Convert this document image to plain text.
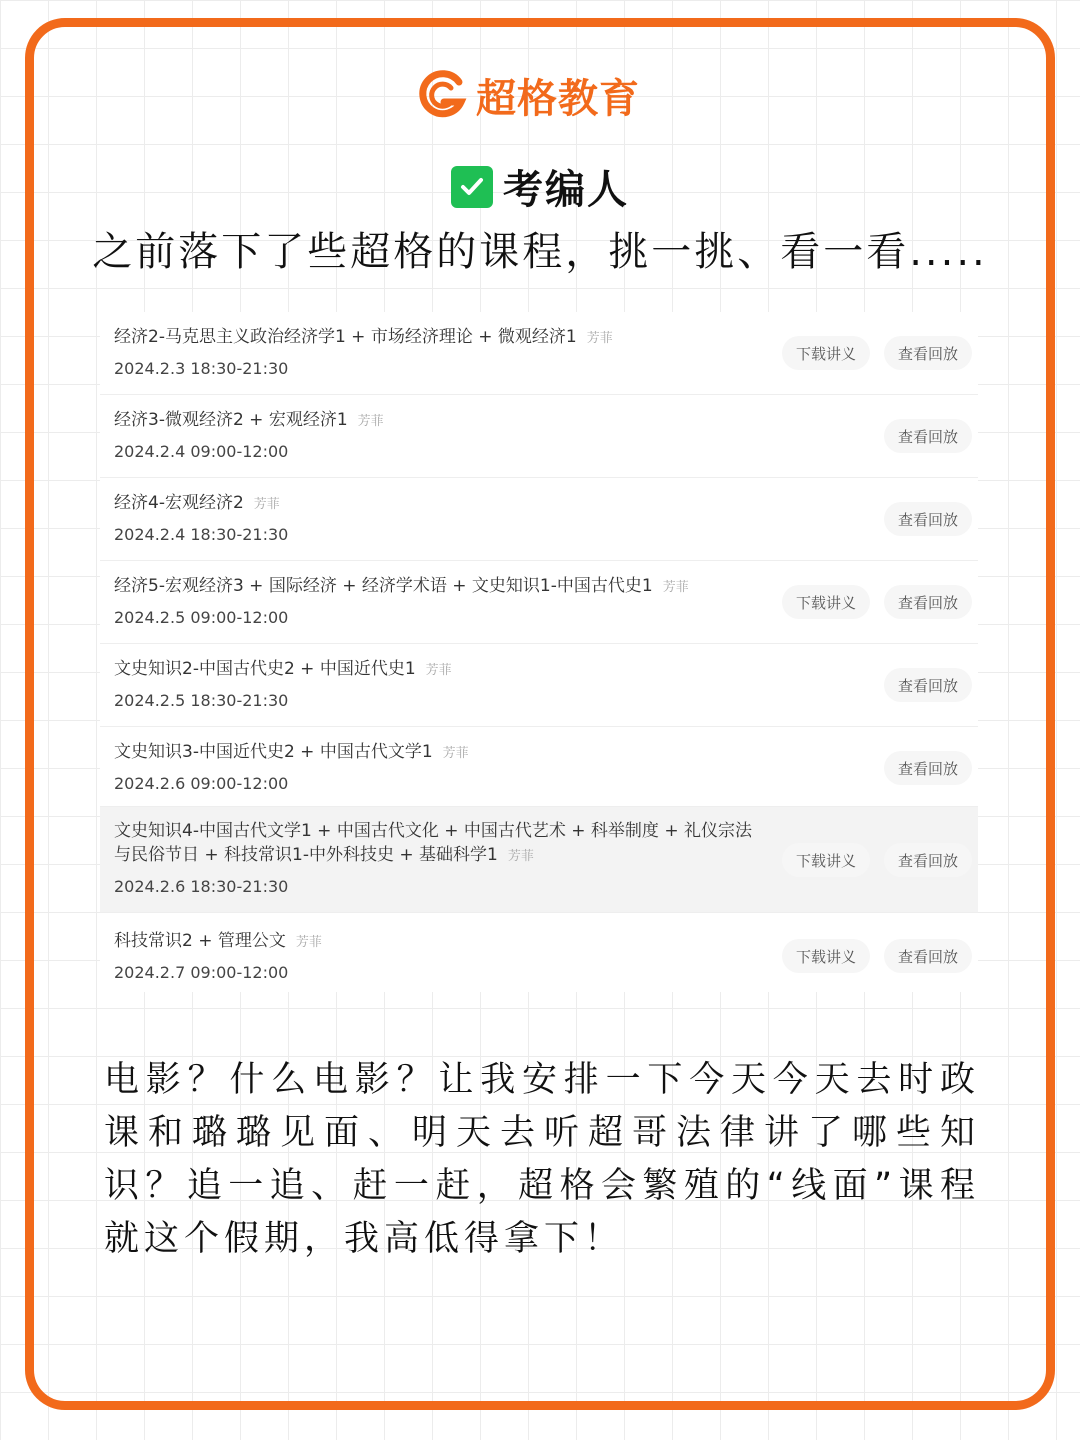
超格教育
考编人
之前落下了些超格的课程，挑一挑、看一看.....
经济2-马克思主义政治经济学1 + 市场经济理论 + 微观经济1 芳菲
2024.2.3 18:30-21:30
下载讲义	查看回放
经济3-微观经济2 + 宏观经济1 芳菲
2024.2.4 09:00-12:00
查看回放
经济4-宏观经济2 芳菲
2024.2.4 18:30-21:30
查看回放
经济5-宏观经济3 + 国际经济 + 经济学术语 + 文史知识1-中国古代史1 芳菲
2024.2.5 09:00-12:00
下载讲义	查看回放
文史知识2-中国古代史2 + 中国近代史1 芳菲
2024.2.5 18:30-21:30
查看回放
文史知识3-中国近代史2 + 中国古代文学1 芳菲
2024.2.6 09:00-12:00
查看回放
文史知识4-中国古代文学1 + 中国古代文化 + 中国古代艺术 + 科举制度 + 礼仪宗法与民俗节日 + 科技常识1-中外科技史 + 基础科学1 芳菲
2024.2.6 18:30-21:30
下载讲义	查看回放
科技常识2 + 管理公文 芳菲
2024.2.7 09:00-12:00
下载讲义	查看回放
电影？什么电影？让我安排一下今天今天去时政课和璐璐见面、明天去听超哥法律讲了哪些知识？追一追、赶一赶，超格会繁殖的“线面”课程就这个假期，我高低得拿下！
